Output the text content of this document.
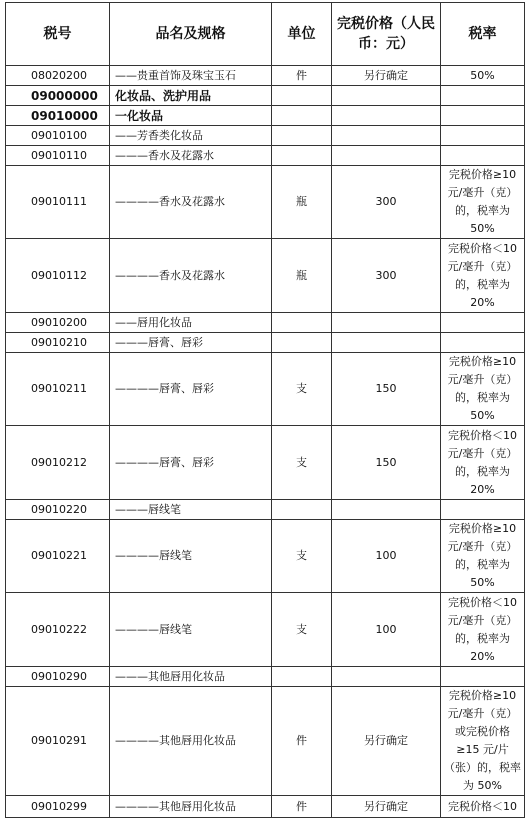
税号	品名及规格	单位	完税价格（人民币：元）	税率
08020200	——贵重首饰及珠宝玉石	件	另行确定	50%
09000000	化妆品、洗护用品			
09010000	一化妆品			
09010100	——芳香类化妆品			
09010110	———香水及花露水			
09010111	————香水及花露水	瓶	300	完税价格≥10 元/毫升（克）的，税率为 50%
09010112	————香水及花露水	瓶	300	完税价格＜10 元/毫升（克）的，税率为 20%
09010200	——唇用化妆品			
09010210	———唇膏、唇彩			
09010211	————唇膏、唇彩	支	150	完税价格≥10 元/毫升（克）的，税率为 50%
09010212	————唇膏、唇彩	支	150	完税价格＜10 元/毫升（克）的，税率为 20%
09010220	———唇线笔			
09010221	————唇线笔	支	100	完税价格≥10 元/毫升（克）的，税率为 50%
09010222	————唇线笔	支	100	完税价格＜10 元/毫升（克）的，税率为 20%
09010290	———其他唇用化妆品			
09010291	————其他唇用化妆品	件	另行确定	完税价格≥10 元/毫升（克）或完税价格≥15 元/片（张）的，税率为 50%
09010299	————其他唇用化妆品	件	另行确定	完税价格＜10
